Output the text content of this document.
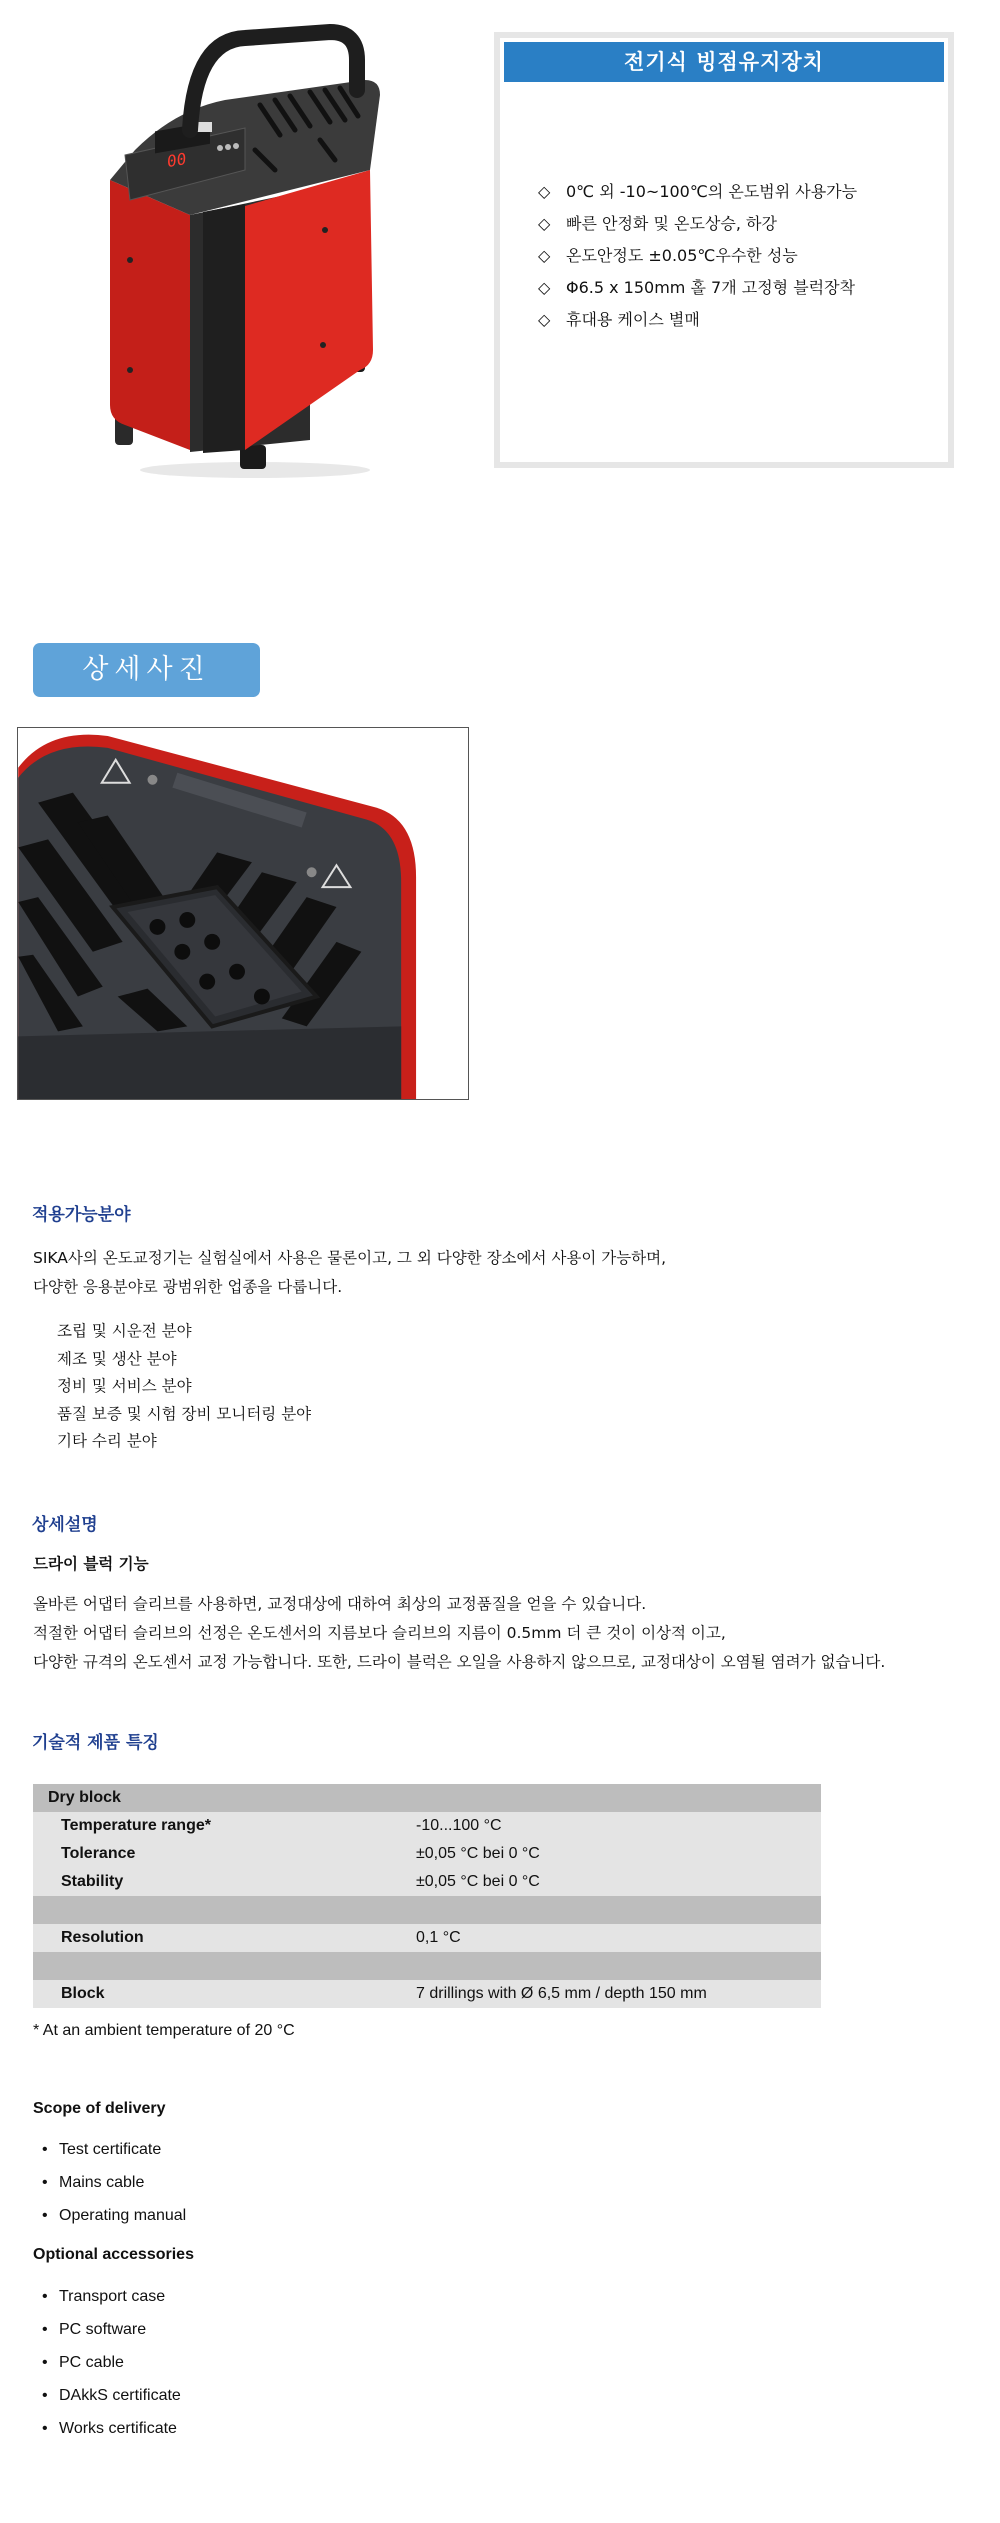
00
전기식 빙점유지장치
◇ 0℃ 외 -10~100℃의 온도범위 사용가능
◇ 빠른 안정화 및 온도상승, 하강
◇ 온도안정도 ±0.05℃우수한 성능
◇ Φ6.5 x 150mm 홀 7개 고정형 블럭장착
◇ 휴대용 케이스 별매
상세사진
적용가능분야
SIKA사의 온도교정기는 실험실에서 사용은 물론이고, 그 외 다양한 장소에서 사용이 가능하며,
다양한 응용분야로 광범위한 업종을 다룹니다.
조립 및 시운전 분야
제조 및 생산 분야
정비 및 서비스 분야
품질 보증 및 시험 장비 모니터링 분야
기타 수리 분야
상세설명
드라이 블럭 기능
올바른 어댑터 슬리브를 사용하면, 교정대상에 대하여 최상의 교정품질을 얻을 수 있습니다.
적절한 어댑터 슬리브의 선정은 온도센서의 지름보다 슬리브의 지름이 0.5mm 더 큰 것이 이상적 이고,
다양한 규격의 온도센서 교정 가능합니다. 또한, 드라이 블럭은 오일을 사용하지 않으므로, 교정대상이 오염될 염려가 없습니다.
기술적 제품 특징
Dry block	
Temperature range*	-10...100 °C
Tolerance	±0,05 °C bei 0 °C
Stability	±0,05 °C bei 0 °C

Resolution	0,1 °C

Block	7 drillings with Ø 6,5 mm / depth 150 mm
* At an ambient temperature of 20 °C
Scope of delivery
• Test certificate
• Mains cable
• Operating manual
Optional accessories
• Transport case
• PC software
• PC cable
• DAkkS certificate
• Works certificate
